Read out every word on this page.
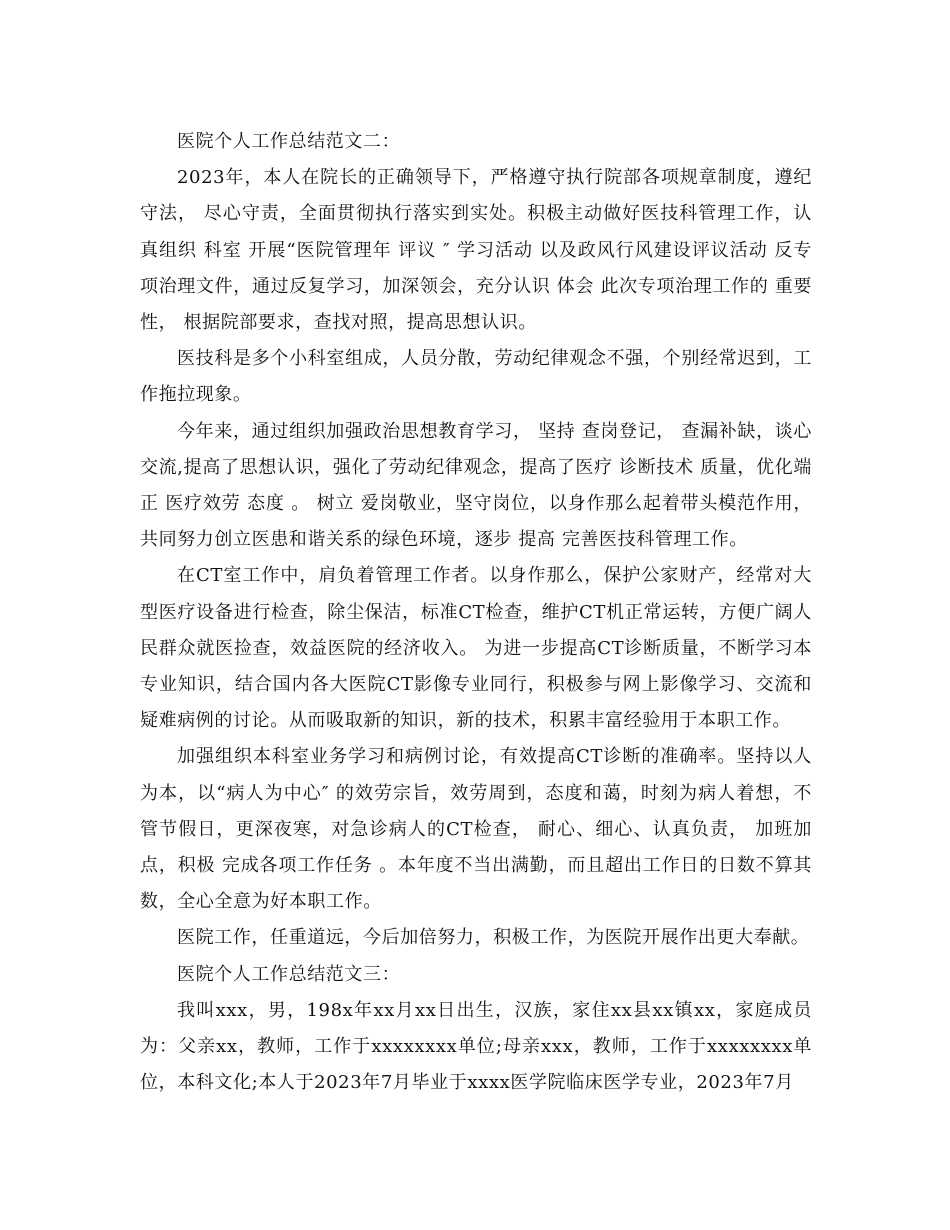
医院个人工作总结范文二：

2023年，本人在院长的正确领导下，严格遵守执行院部各项规章制度，遵纪守法， 尽心守责，全面贯彻执行落实到实处。积极主动做好医技科管理工作，认真组织 科室 开展“医院管理年 评议 ″ 学习活动 以及政风行风建设评议活动 反专项治理文件，通过反复学习，加深领会，充分认识 体会 此次专项治理工作的 重要性， 根据院部要求，查找对照，提高思想认识。

医技科是多个小科室组成，人员分散，劳动纪律观念不强，个别经常迟到，工作拖拉现象。

今年来，通过组织加强政治思想教育学习， 坚持 查岗登记， 查漏补缺，谈心交流,提高了思想认识，强化了劳动纪律观念，提高了医疗 诊断技术 质量，优化端正 医疗效劳 态度 。 树立 爱岗敬业，坚守岗位，以身作那么起着带头模范作用，共同努力创立医患和谐关系的绿色环境，逐步 提高 完善医技科管理工作。

在CT室工作中，肩负着管理工作者。以身作那么，保护公家财产，经常对大型医疗设备进行检查，除尘保洁，标准CT检查，维护CT机正常运转，方便广阔人民群众就医捡查，效益医院的经济收入。 为进一步提高CT诊断质量，不断学习本专业知识，结合国内各大医院CT影像专业同行，积极参与网上影像学习、交流和疑难病例的讨论。从而吸取新的知识，新的技术，积累丰富经验用于本职工作。

加强组织本科室业务学习和病例讨论，有效提高CT诊断的准确率。坚持以人为本，以“病人为中心″ 的效劳宗旨，效劳周到，态度和蔼，时刻为病人着想，不管节假日，更深夜寒，对急诊病人的CT检查， 耐心、细心、认真负责， 加班加点，积极 完成各项工作任务 。本年度不当出满勤，而且超出工作日的日数不算其数，全心全意为好本职工作。

医院工作，任重道远，今后加倍努力，积极工作，为医院开展作出更大奉献。

医院个人工作总结范文三：

我叫xxx，男，198x年xx月xx日出生，汉族，家住xx县xx镇xx，家庭成员为：父亲xx，教师，工作于xxxxxxxx单位;母亲xxx，教师，工作于xxxxxxxx单位，本科文化;本人于2023年7月毕业于xxxx医学院临床医学专业，2023年7月
